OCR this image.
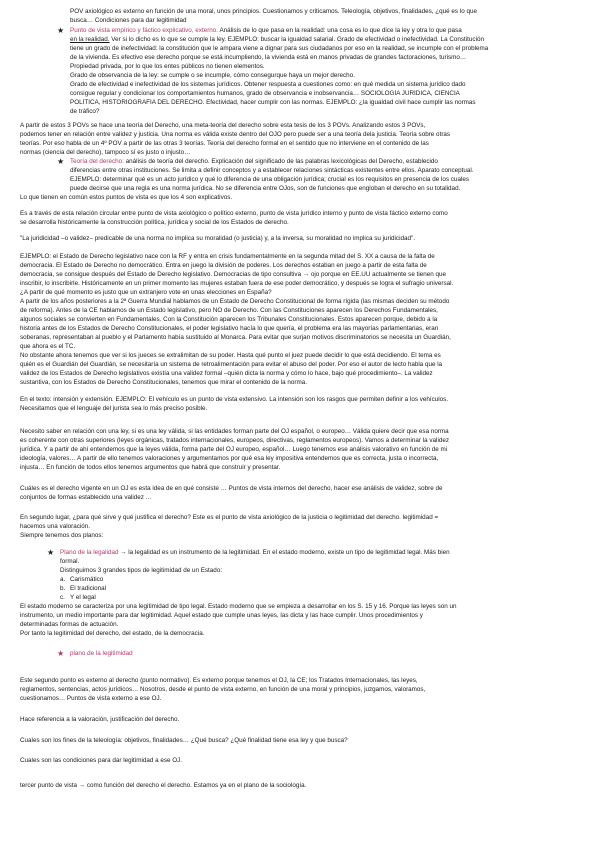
POV axiológico es externo en función de una moral, unos principios. Cuestionamos y criticamos. Teleología, objetivos, finalidades, ¿qué es lo que
busca… Condiciones para dar legitimidad
★ Punto de vista empírico y fáctico explicativo, externo. Análisis de lo que pasa en la realidad: una cosa es lo que dice la ley y otra lo que pasa
en la realidad. Ver si lo dicho es lo que se cumple la ley. EJEMPLO: buscar la igualdad salarial. Grado de efectividad o inefectividad. La Constitución
tiene un grado de inefectividad: la constitución que le ampara viene a dignar para sus ciudadanos por eso en la realidad, se incumple con el problema
de la vivienda. Es efectivo ese derecho porque se está incumpliendo, la vivienda está en manos privadas de grandes factoraciones, turismo…
Propiedad privada, por lo que los entes públicos no tienen elementos.
Grado de observancia de la ley: se cumple o se incumple, cómo consegurque haya un mejor derecho.
Grado de efectividad e inefectividad de los sistemas jurídicos. Obtener respuesta a cuestiones como: en qué medida un sistema jurídico dado
consigue regular y condicionar los comportamientos humanos, grado de observancia e inobservancia… SOCIOLOGÍA JURÍDICA, CIENCIA
POLÍTICA, HISTORIOGRAFÍA DEL DERECHO. Efectividad, hacer cumplir con las normas. EJEMPLO: ¿la igualdad civil hace cumplir las normas
de tráfico?
A partir de estos 3 POVs se hace una teoría del Derecho, una meta-teoría del derecho sobre esta tesis de los 3 POVs. Analizando estos 3 POVs,
podemos tener en relación entre validez y justicia. Una norma es válida existe dentro del OJO pero puede ser a una teoría dela justicia. Teoría sobre otras
teorías. Por eso habla de un 4º POV a partir de las otras 3 teorías. Teoría del derecho formal en el sentido que no interviene en el contenido de las
normas (ciencia del derecho), tampoco sí es justo o injusto…
★ Teoría del derecho: análisis de teoría del derecho. Explicación del significado de las palabras lexicológicas del Derecho, establecido
diferencias entre otras instituciones. Se limita a definir conceptos y a establecer relaciones sintácticas existentes entre ellos. Aparato conceptual.
EJEMPLO: determinar qué es un acto jurídico y qué lo diferencia de una obligación jurídica; crucial es los requisitos en presencia de los cuales
puede decirse que una regla es una norma jurídica. No se diferencia entre OJos, son de funciones que engloban el derecho en su totalidad.
Lo que tienen en común estos puntos de vista es que los 4 son explicativos.
Es a través de esta relación circular entre punto de vista axiológico o político externo, punto de vista jurídico interno y punto de vista fáctico externo como
se desarrolla históricamente la construcción política, jurídica y social de los Estados de derecho.
"La juridicidad –o validez– predicable de una norma no implica su moralidad (o justicia) y, a la inversa, su moralidad no implica su juridicidad".
EJEMPLO: el Estado de Derecho legislativo nace con la RF y entra en crisis fundamentalmente en la segunda mitad del S. XX a causa de la falta de
democracia. El Estado de Derecho no democrático. Entra en juego la división de poderes. Los derechos estaban en juego a partir de esta falta de
democracia, se consigue después del Estado de Derecho legislativo. Democracias de tipo consultiva → ojo porque en EE.UU actualmente se tienen que
inscribir, lo inscribirle. Históricamente en un primer momento las mujeres estaban fuera de ese poder democrático, y después se logra el sufragio universal.
¿A partir de qué momento es justo que un extranjero vote en unas elecciones en España?
A partir de los años posteriores a la 2ª Guerra Mundial hablamos de un Estado de Derecho Constitucional de forma rígida (las mismas deciden su método
de reforma). Antes de la CE hablamos de un Estado legislativo, pero NO de Derecho. Con las Constituciones aparecen los Derechos Fundamentales,
algunos sociales se convierten en Fundamentales. Con la Constitución aparecen los Tribunales Constitucionales. Estos aparecen porque, debido a la
historia antes de los Estados de Derecho Constitucionales, el poder legislativo hacía lo que quería, el problema era las mayorías parlamentarias, eran
soberanas, representaban al pueblo y el Parlamento había sustituido al Monarca. Para evitar que surjan motivos discriminatorios se necesita un Guardián,
que ahora es el TC.
No obstante ahora tenemos que ver si los jueces se extralimitan de su poder. Hasta qué punto el juez puede decidir lo que está decidiendo. El tema es
quién es el Guardián del Guardián, se necesitaría un sistema de retroalimentación para evitar el abuso del poder. Por eso el autor de lecto habla que la
validez de los Estados de Derecho legislativos existía una validez formal –quién dicta la norma y cómo lo hace, bajo qué procedimiento–. La validez
sustantiva, con los Estados de Derecho Constitucionales, tenemos que mirar el contenido de la norma.
En el texto: intensión y extensión. EJEMPLO: El vehículo es un punto de vista extensivo. La intensión son los rasgos que permiten definir a los vehículos.
Necesitamos que el lenguaje del jurista sea lo más preciso posible.
Necesito saber en relación con una ley, si es una ley válida, si las entidades forman parte del OJ español, o europeo… Válida quiere decir que esa norma
es coherente con otras superiores (leyes orgánicas, tratados internacionales, europeos, directivas, reglamentos europeos). Vamos a determinar la validez
jurídica. Y a partir de ahí entendemos que la leyes válida, forma parte del OJ europeo, español… Luego tenemos ese análisis valorativo en función de mi
ideología, valores… A partir de ello tenemos valoraciones y argumentamos por qué esa ley impositiva entendemos que es correcta, justa o incorrecta,
injusta… En función de todos ellos tenemos argumentos que habrá que construir y presentar.
Cuáles es el derecho vigente en un OJ es esta idea de en qué consiste … Puntos de vista internos del derecho, hacer ese análisis de validez, sobre de
conjuntos de formas establecido una validez …
En segundo lugar, ¿para qué sirve y qué justifica el derecho? Este es el punto de vista axiológico de la justicia o legitimidad del derecho. legitimidad =
hacemos una valoración.
Siempre tenemos dos planos:
★ Plano de la legalidad → la legalidad es un instrumento de la legitimidad. En el estado moderno, existe un tipo de legitimidad legal. Más bien
formal.
Distinguimos 3 grandes tipos de legitimidad de un Estado:
a. Carismático
b. El tradicional
c. Y el legal
El estado moderno se caracteriza por una legitimidad de tipo legal. Estado moderno que se empieza a desarrollar en los S. 15 y 16. Porque las leyes son un
instrumento, un medio importante para dar legitimidad. Aquel estado que cumple unas leyes, las dicta y las hace cumplir. Unos procedimientos y
determinadas formas de actuación.
Por tanto la legitimidad del derecho, del estado, de la democracia.
★ plano de la legitimidad
Este segundo punto es externo al derecho (punto normativo). Es externo porque tenemos el OJ, la CE; los Tratados Internacionales, las leyes,
reglamentos, sentencias, actos jurídicos… Nosotros, desde el punto de vista externo, en función de una moral y principios, juzgamos, valoramos,
cuestionamos… Puntos de vista externo a ese OJ.
Hace referencia a la valoración, justificación del derecho.
Cuales son los fines de la teleología: objetivos, finalidades… ¿Qué busca? ¿Qué finalidad tiene esa ley y que busca?
Cuales son las condiciones para dar legitimidad a ese OJ.
tercer punto de vista → como función del derecho el derecho. Estamos ya en el plano de la sociología.
